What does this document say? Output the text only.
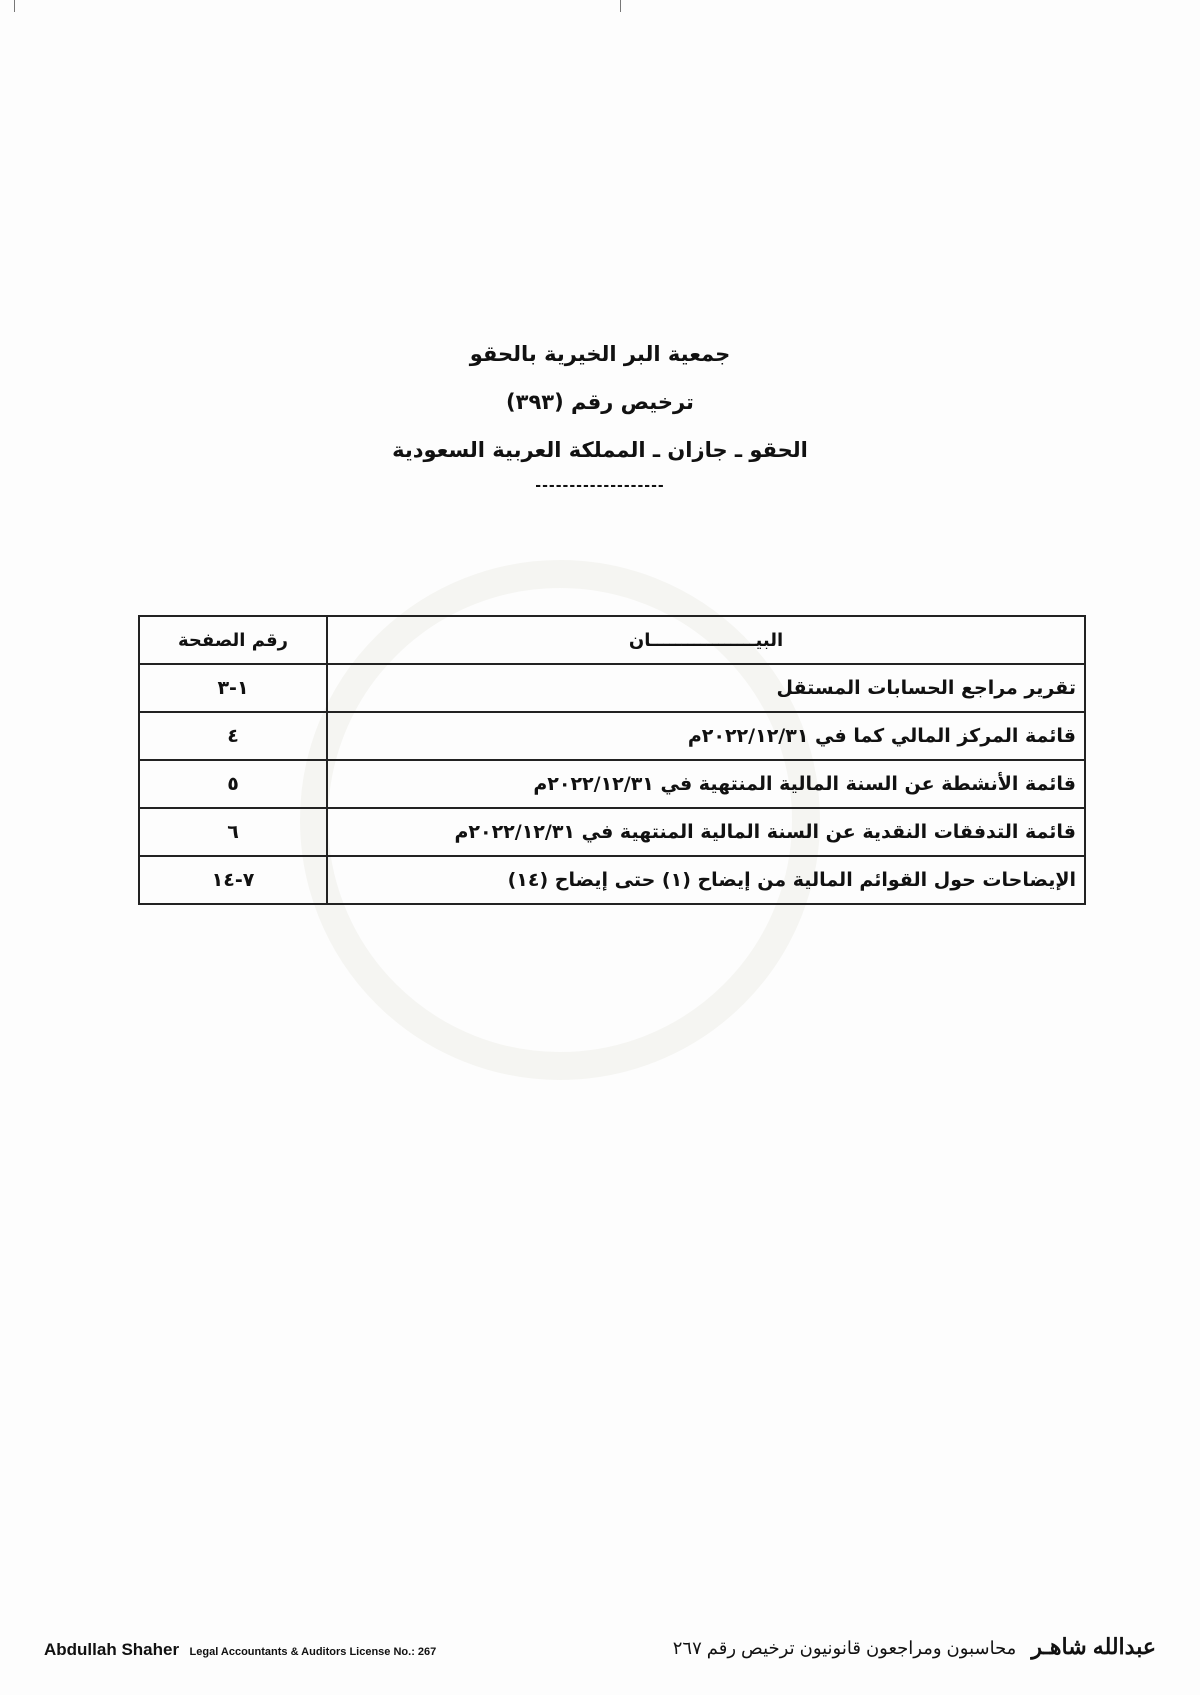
جمعية البر الخيرية بالحقو
ترخيص رقم (٣٩٣)
الحقو ـ جازان ـ المملكة العربية السعودية
-------------------
البيـــــــــــــــــان	رقم الصفحة
تقرير مراجع الحسابات المستقل	١-٣
قائمة المركز المالي كما في ٢٠٢٢/١٢/٣١م	٤
قائمة الأنشطة عن السنة المالية المنتهية في ٢٠٢٢/١٢/٣١م	٥
قائمة التدفقات النقدية عن السنة المالية المنتهية في ٢٠٢٢/١٢/٣١م	٦
الإيضاحات حول القوائم المالية من إيضاح (١) حتى إيضاح (١٤)	٧-١٤
Abdullah Shaher Legal Accountants & Auditors License No.: 267	عبدالله شاهـر محاسبون ومراجعون قانونيون ترخيص رقم ٢٦٧
